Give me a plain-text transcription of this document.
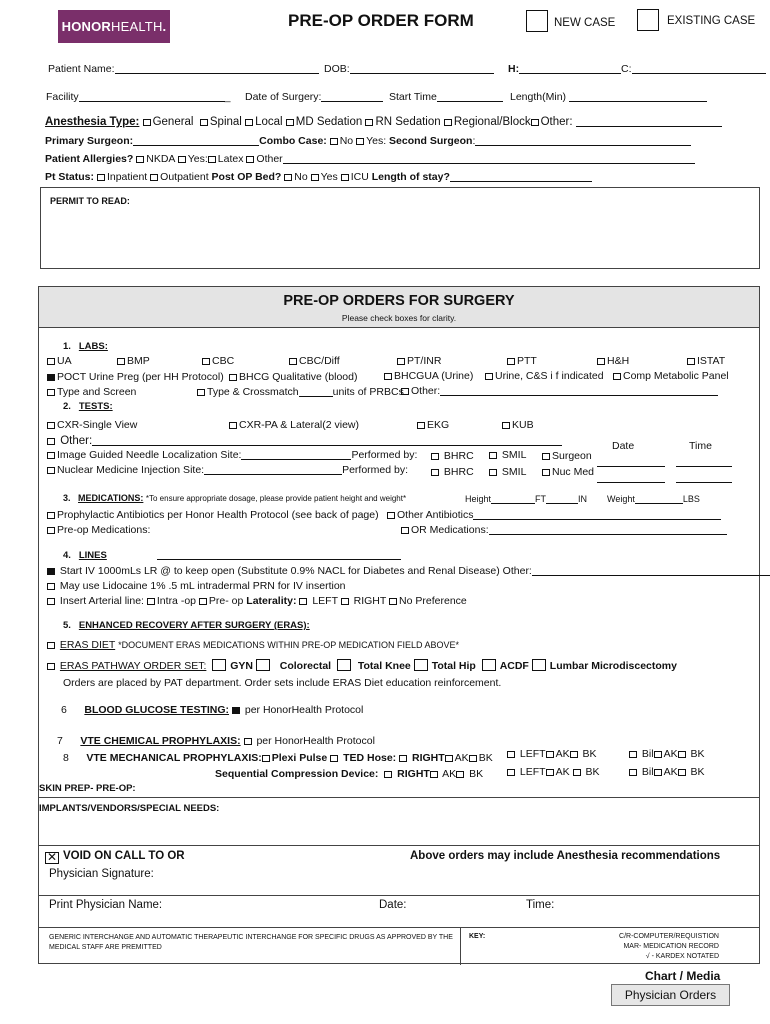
HONOR HEALTH .	PRE-OP ORDER FORM	NEW CASE	EXISTING CASE
Patient Name:	DOB:	H:	C:
Facility	_ Date of Surgery:	Start Time	Length(Min)
Anesthesia Type: General Spinal Local MD Sedation RN Sedation Regional/Block Other:
Primary Surgeon:	Combo Case: No Yes: Second Surgeon:
Patient Allergies? NKDA Yes: Latex Other
Pt Status: Inpatient Outpatient Post OP Bed? No Yes ICU Length of stay?
PERMIT TO READ:
PRE-OP ORDERS FOR SURGERY
Please check boxes for clarity.
1. LABS:
UA	BMP	CBC	CBC/Diff	PT/INR	PTT	H&H	ISTAT
POCT Urine Preg (per HH Protocol)	BHCG Qualitative (blood)	BHCGUA (Urine)	Urine, C&S i f indicated	Comp Metabolic Panel
Type and Screen	Type & Crossmatch	units of PRBCs Other:
2. TESTS:
CXR-Single View	CXR-PA & Lateral(2 view)	EKG	KUB
Other:	Date	Time
Image Guided Needle Localization Site:	Performed by:	BHRC	SMIL	Surgeon
Nuclear Medicine Injection Site:	Performed by:	BHRC	SMIL	Nuc Med
3. MEDICATIONS: *To ensure appropriate dosage, please provide patient height and weight*	Height	FT	IN Weight	LBS
Prophylactic Antibiotics per Honor Health Protocol (see back of page)	Other Antibiotics
Pre-op Medications:	OR Medications:
4. LINES
Start IV 1000mLs LR @ to keep open (Substitute 0.9% NACL for Diabetes and Renal Disease) Other:
May use Lidocaine 1% .5 mL intradermal PRN for IV insertion
Insert Arterial line: Intra -op Pre- op Laterality: LEFT RIGHT No Preference
5. ENHANCED RECOVERY AFTER SURGERY (ERAS):
ERAS DIET *DOCUMENT ERAS MEDICATIONS WITHIN PRE-OP MEDICATION FIELD ABOVE*
ERAS PATHWAY ORDER SET: GYN	Colorectal	Total Knee Total Hip ACDF Lumbar Microdiscectomy
Orders are placed by PAT department. Order sets include ERAS Diet education reinforcement.
6 BLOOD GLUCOSE TESTING: per HonorHealth Protocol
7 VTE CHEMICAL PROPHYLAXIS: per HonorHealth Protocol
8 VTE MECHANICAL PROPHYLAXIS: Plexi Pulse TED Hose: RIGHT AK BK	LEFT AK BK	Bil AK BK
Sequential Compression Device: RIGHT AK BK	LEFT AK BK	Bil AK BK
SKIN PREP- PRE-OP:
IMPLANTS/VENDORS/SPECIAL NEEDS:
✕ VOID ON CALL TO OR	Above orders may include Anesthesia recommendations
Physician Signature:
Print Physician Name:	Date:	Time:
GENERIC INTERCHANGE AND AUTOMATIC THERAPEUTIC INTERCHANGE FOR SPECIFIC DRUGS AS APPROVED BY THE MEDICAL STAFF ARE PREMITTED
KEY:	C/R-COMPUTER/REQUISTION
MAR- MEDICATION RECORD
√ - KARDEX NOTATED
Chart / Media
Physician Orders
